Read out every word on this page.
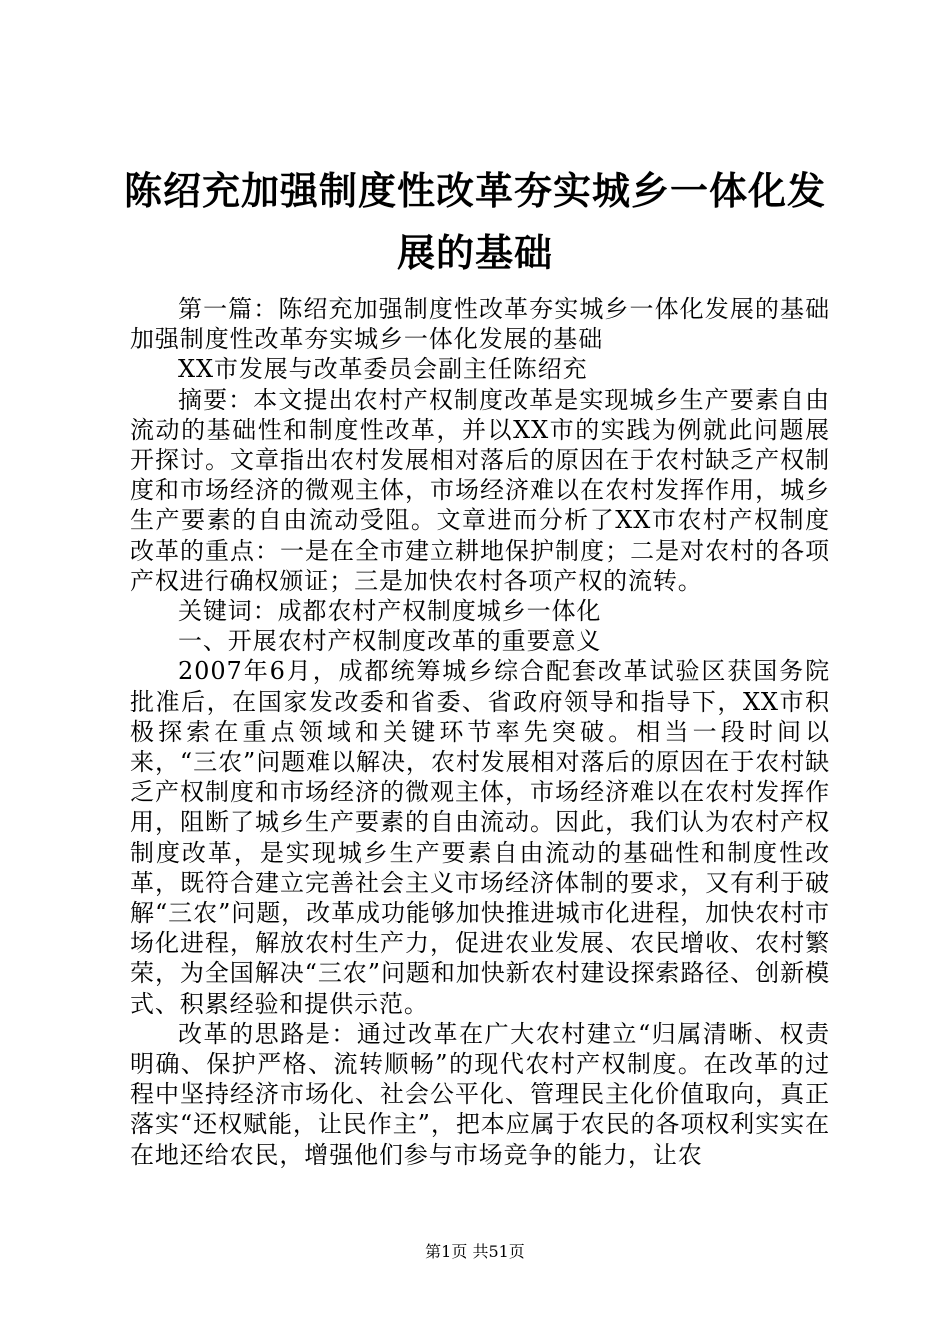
陈绍充加强制度性改革夯实城乡一体化发展的基础

第一篇：陈绍充加强制度性改革夯实城乡一体化发展的基础加强制度性改革夯实城乡一体化发展的基础

XX市发展与改革委员会副主任陈绍充

摘要：本文提出农村产权制度改革是实现城乡生产要素自由流动的基础性和制度性改革，并以XX市的实践为例就此问题展开探讨。文章指出农村发展相对落后的原因在于农村缺乏产权制度和市场经济的微观主体，市场经济难以在农村发挥作用，城乡生产要素的自由流动受阻。文章进而分析了XX市农村产权制度改革的重点：一是在全市建立耕地保护制度；二是对农村的各项产权进行确权颁证；三是加快农村各项产权的流转。

关键词：成都农村产权制度城乡一体化

一、开展农村产权制度改革的重要意义

2007年6月，成都统筹城乡综合配套改革试验区获国务院批准后，在国家发改委和省委、省政府领导和指导下，XX市积极探索在重点领域和关键环节率先突破。相当一段时间以来，“三农”问题难以解决，农村发展相对落后的原因在于农村缺乏产权制度和市场经济的微观主体，市场经济难以在农村发挥作用，阻断了城乡生产要素的自由流动。因此，我们认为农村产权制度改革，是实现城乡生产要素自由流动的基础性和制度性改革，既符合建立完善社会主义市场经济体制的要求，又有利于破解“三农”问题，改革成功能够加快推进城市化进程，加快农村市场化进程，解放农村生产力，促进农业发展、农民增收、农村繁荣，为全国解决“三农”问题和加快新农村建设探索路径、创新模式、积累经验和提供示范。

改革的思路是：通过改革在广大农村建立“归属清晰、权责明确、保护严格、流转顺畅”的现代农村产权制度。在改革的过程中坚持经济市场化、社会公平化、管理民主化价值取向，真正落实“还权赋能，让民作主”，把本应属于农民的各项权利实实在在地还给农民，增强他们参与市场竞争的能力，让农

第1页 共51页
